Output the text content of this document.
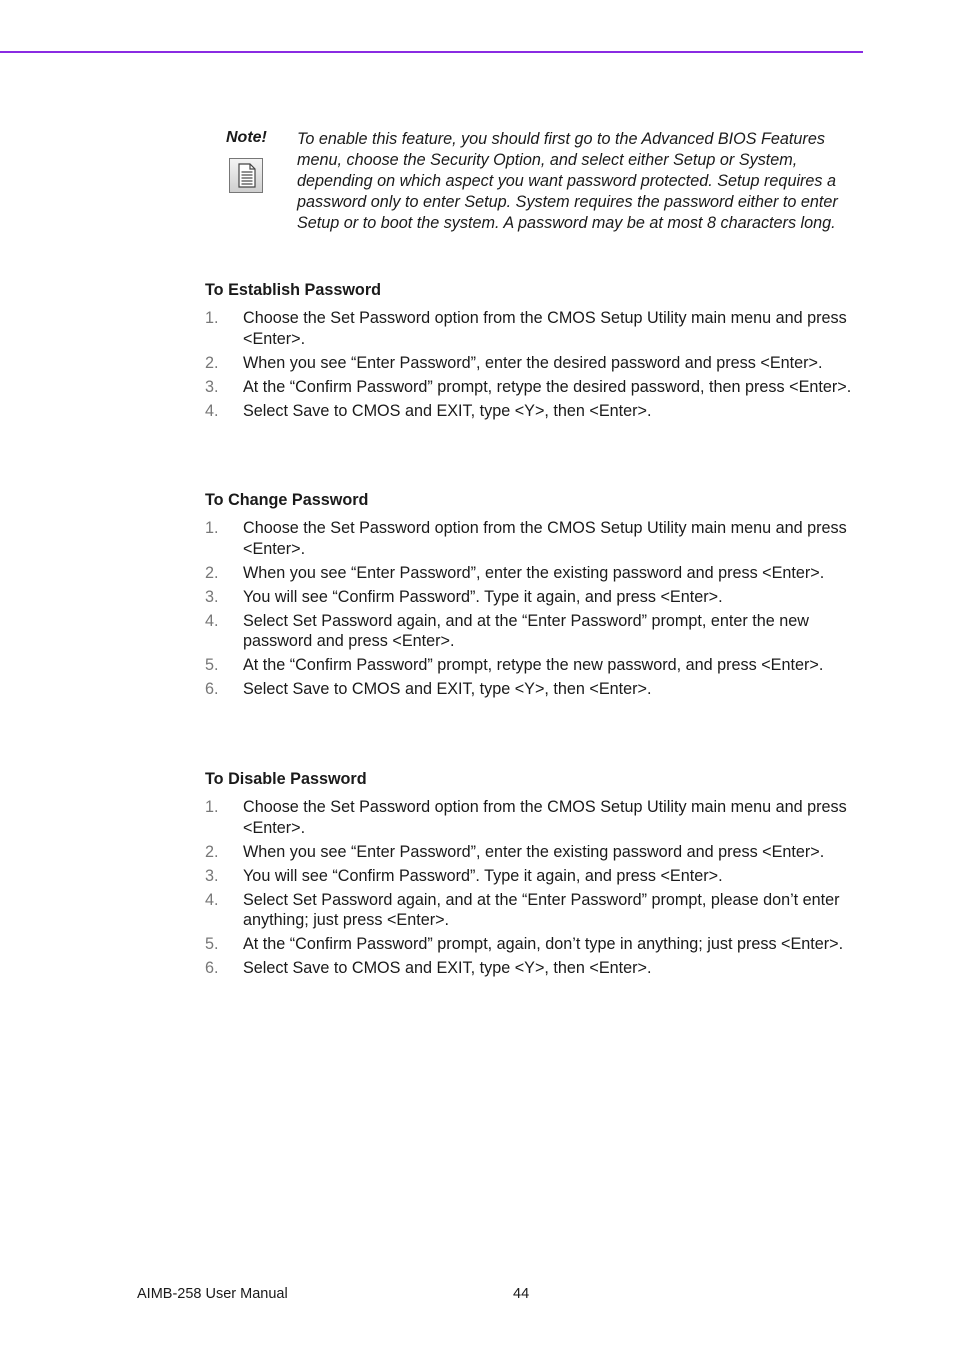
Note! To enable this feature, you should first go to the Advanced BIOS Features menu, choose the Security Option, and select either Setup or System, depending on which aspect you want password protected. Setup requires a password only to enter Setup. System requires the password either to enter Setup or to boot the system. A password may be at most 8 characters long.

To Establish Password
1.	Choose the Set Password option from the CMOS Setup Utility main menu and press <Enter>.
2.	When you see “Enter Password”, enter the desired password and press <Enter>.
3.	At the “Confirm Password” prompt, retype the desired password, then press <Enter>.
4.	Select Save to CMOS and EXIT, type <Y>, then <Enter>.
To Change Password
1.	Choose the Set Password option from the CMOS Setup Utility main menu and press <Enter>.
2.	When you see “Enter Password”, enter the existing password and press <Enter>.
3.	You will see “Confirm Password”. Type it again, and press <Enter>.
4.	Select Set Password again, and at the “Enter Password” prompt, enter the new password and press <Enter>.
5.	At the “Confirm Password” prompt, retype the new password, and press <Enter>.
6.	Select Save to CMOS and EXIT, type <Y>, then <Enter>.
To Disable Password
1.	Choose the Set Password option from the CMOS Setup Utility main menu and press <Enter>.
2.	When you see “Enter Password”, enter the existing password and press <Enter>.
3.	You will see “Confirm Password”. Type it again, and press <Enter>.
4.	Select Set Password again, and at the “Enter Password” prompt, please don’t enter anything; just press <Enter>.
5.	At the “Confirm Password” prompt, again, don’t type in anything; just press <Enter>.
6.	Select Save to CMOS and EXIT, type <Y>, then <Enter>.
AIMB-258 User Manual	44
